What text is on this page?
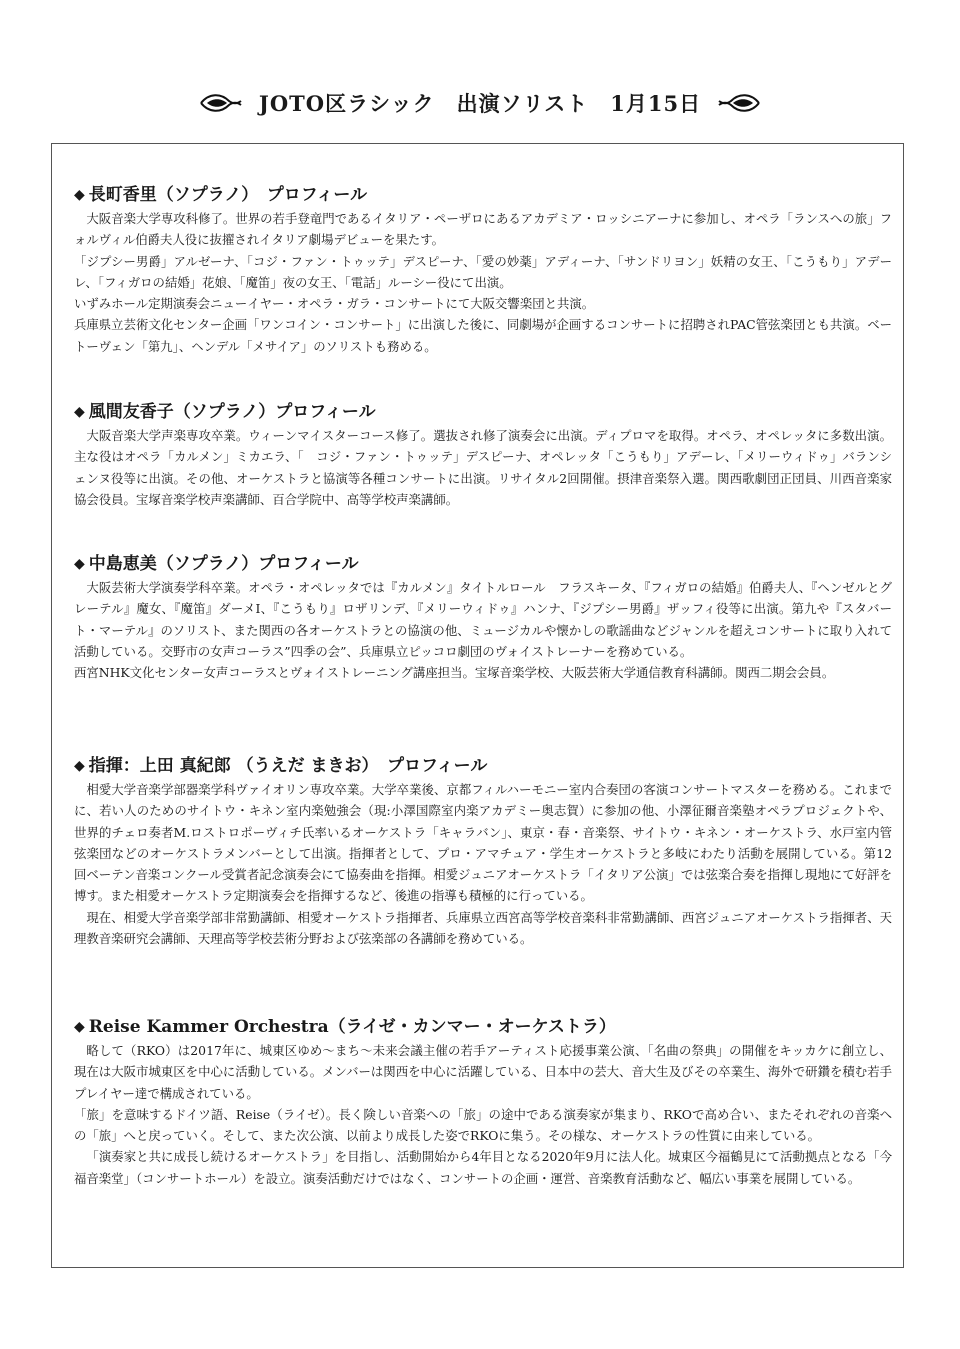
JOTO区ラシック　出演ソリスト　1月15日
◆ 長町香里（ソプラノ）　プロフィール

大阪音楽大学専攻科修了。世界の若手登竜門であるイタリア・ペーザロにあるアカデミア・ロッシニアーナに参加し、オペラ「ランスへの旅」フォルヴィル伯爵夫人役に抜擢されイタリア劇場デビューを果たす。

「ジプシー男爵」アルゼーナ、「コジ・ファン・トゥッテ」デスピーナ、「愛の妙薬」アディーナ、「サンドリヨン」妖精の女王、「こうもり」アデーレ、「フィガロの結婚」花娘、「魔笛」夜の女王、「電話」ルーシー役にて出演。

いずみホール定期演奏会ニューイヤー・オペラ・ガラ・コンサートにて大阪交響楽団と共演。

兵庫県立芸術文化センター企画「ワンコイン・コンサート」に出演した後に、同劇場が企画するコンサートに招聘されPAC管弦楽団とも共演。ベートーヴェン「第九」、ヘンデル「メサイア」のソリストも務める。

◆ 風間友香子（ソプラノ）プロフィール

大阪音楽大学声楽専攻卒業。ウィーンマイスターコース修了。選抜され修了演奏会に出演。ディプロマを取得。オペラ、オペレッタに多数出演。主な役はオペラ「カルメン」ミカエラ、「　コジ・ファン・トゥッテ」デスピーナ、オペレッタ「こうもり」アデーレ、「メリーウィドゥ」バランシェンヌ役等に出演。その他、オーケストラと協演等各種コンサートに出演。リサイタル2回開催。摂津音楽祭入選。関西歌劇団正団員、川西音楽家協会役員。宝塚音楽学校声楽講師、百合学院中、高等学校声楽講師。

◆ 中島恵美（ソプラノ）プロフィール

大阪芸術大学演奏学科卒業。オペラ・オペレッタでは『カルメン』タイトルロール　フラスキータ、『フィガロの結婚』伯爵夫人、『ヘンゼルとグレーテル』魔女、『魔笛』ダーメI、『こうもり』ロザリンデ、『メリーウィドゥ』ハンナ、『ジプシー男爵』ザッフィ役等に出演。第九や『スタバート・マーテル』のソリスト、また関西の各オーケストラとの協演の他、ミュージカルや懐かしの歌謡曲などジャンルを超えコンサートに取り入れて活動している。交野市の女声コーラス”四季の会”、兵庫県立ピッコロ劇団のヴォイストレーナーを務めている。

西宮NHK文化センター女声コーラスとヴォイストレーニング講座担当。宝塚音楽学校、大阪芸術大学通信教育科講師。関西二期会会員。

◆ 指揮：上田 真紀郎 （うえだ まきお）　プロフィール

相愛大学音楽学部器楽学科ヴァイオリン専攻卒業。大学卒業後、京都フィルハーモニー室内合奏団の客演コンサートマスターを務める。これまでに、若い人のためのサイトウ・キネン室内楽勉強会（現:小澤国際室内楽アカデミー奥志賀）に参加の他、小澤征爾音楽塾オペラプロジェクトや、世界的チェロ奏者M.ロストロポーヴィチ氏率いるオーケストラ「キャラバン」、東京・春・音楽祭、サイトウ・キネン・オーケストラ、水戸室内管弦楽団などのオーケストラメンバーとして出演。指揮者として、プロ・アマチュア・学生オーケストラと多岐にわたり活動を展開している。第12回ベーテン音楽コンクール受賞者記念演奏会にて協奏曲を指揮。相愛ジュニアオーケストラ「イタリア公演」では弦楽合奏を指揮し現地にて好評を博す。また相愛オーケストラ定期演奏会を指揮するなど、後進の指導も積極的に行っている。

現在、相愛大学音楽学部非常勤講師、相愛オーケストラ指揮者、兵庫県立西宮高等学校音楽科非常勤講師、西宮ジュニアオーケストラ指揮者、天理教音楽研究会講師、天理高等学校芸術分野および弦楽部の各講師を務めている。

◆ Reise Kammer Orchestra（ライゼ・カンマー・オーケストラ）

略して（RKO）は2017年に、城東区ゆめ～まち～未来会議主催の若手アーティスト応援事業公演、「名曲の祭典」の開催をキッカケに創立し、現在は大阪市城東区を中心に活動している。メンバーは関西を中心に活躍している、日本中の芸大、音大生及びその卒業生、海外で研鑽を積む若手プレイヤー達で構成されている。

「旅」を意味するドイツ語、Reise（ライゼ）。長く険しい音楽への「旅」の途中である演奏家が集まり、RKOで高め合い、またそれぞれの音楽への「旅」へと戻っていく。そして、また次公演、以前より成長した姿でRKOに集う。その様な、オーケストラの性質に由来している。

「演奏家と共に成長し続けるオーケストラ」を目指し、活動開始から4年目となる2020年9月に法人化。城東区今福鶴見にて活動拠点となる「今福音楽堂」（コンサートホール）を設立。演奏活動だけではなく、コンサートの企画・運営、音楽教育活動など、幅広い事業を展開している。
